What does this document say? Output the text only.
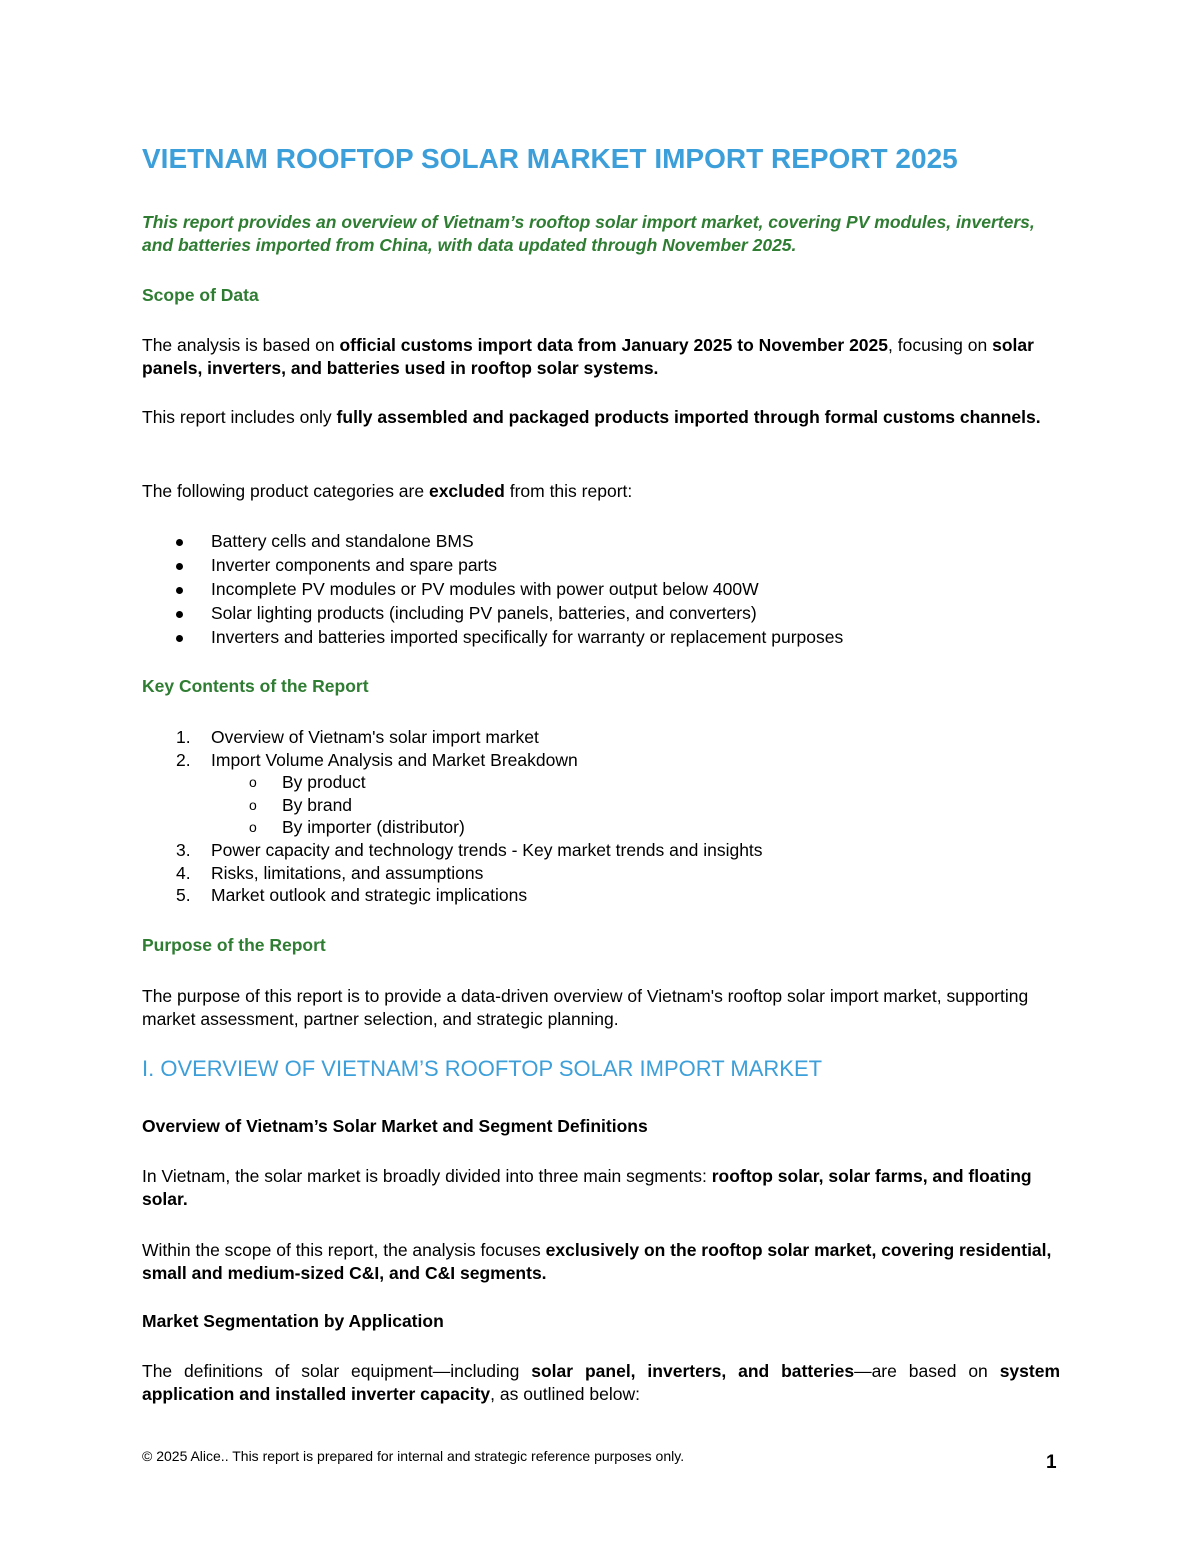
VIETNAM ROOFTOP SOLAR MARKET IMPORT REPORT 2025

This report provides an overview of Vietnam’s rooftop solar import market, covering PV modules, inverters, and batteries imported from China, with data updated through November 2025.

Scope of Data

The analysis is based on official customs import data from January 2025 to November 2025, focusing on solar panels, inverters, and batteries used in rooftop solar systems.

This report includes only fully assembled and packaged products imported through formal customs channels.

The following product categories are excluded from this report:

Battery cells and standalone BMS
Inverter components and spare parts
Incomplete PV modules or PV modules with power output below 400W
Solar lighting products (including PV panels, batteries, and converters)
Inverters and batteries imported specifically for warranty or replacement purposes
Key Contents of the Report
1. Overview of Vietnam's solar import market
2. Import Volume Analysis and Market Breakdown
o By product
o By brand
o By importer (distributor)
3. Power capacity and technology trends - Key market trends and insights
4. Risks, limitations, and assumptions
5. Market outlook and strategic implications
Purpose of the Report

The purpose of this report is to provide a data-driven overview of Vietnam's rooftop solar import market, supporting market assessment, partner selection, and strategic planning.

I. OVERVIEW OF VIETNAM’S ROOFTOP SOLAR IMPORT MARKET
Overview of Vietnam’s Solar Market and Segment Definitions

In Vietnam, the solar market is broadly divided into three main segments: rooftop solar, solar farms, and floating solar.

Within the scope of this report, the analysis focuses exclusively on the rooftop solar market, covering residential, small and medium-sized C&I, and C&I segments.

Market Segmentation by Application

The definitions of solar equipment—including solar panel, inverters, and batteries—are based on system application and installed inverter capacity, as outlined below:

© 2025 Alice.. This report is prepared for internal and strategic reference purposes only.	1
